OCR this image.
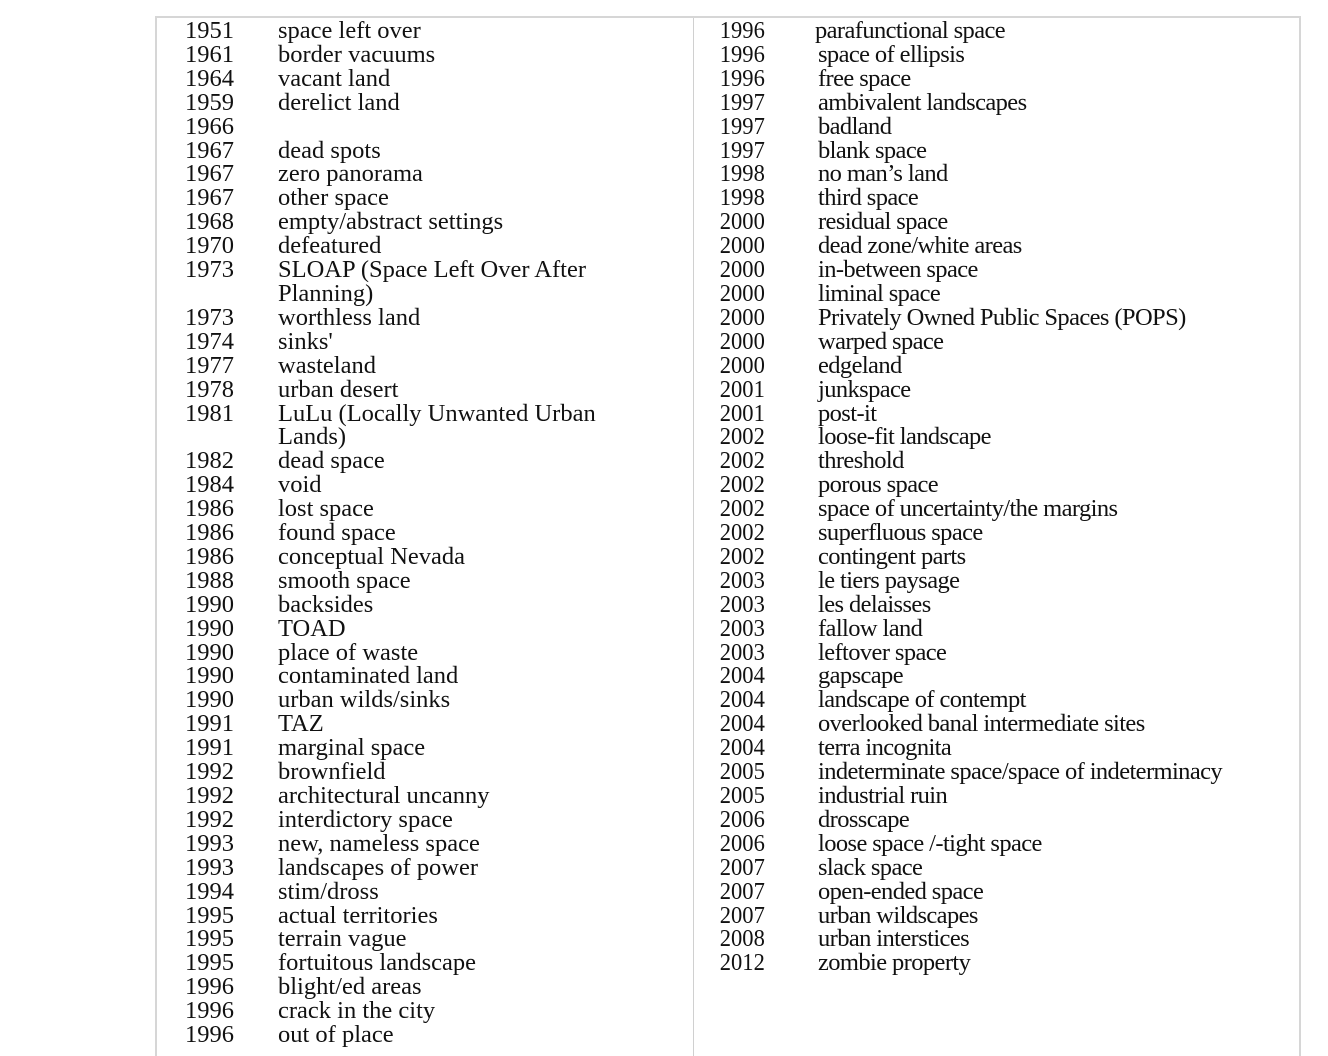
1951	space left over
1961	border vacuums
1964	vacant land
1959	derelict land
1966
1967	dead spots
1967	zero panorama
1967	other space
1968	empty/abstract settings
1970	defeatured
1973	SLOAP (Space Left Over After Planning)
1973	worthless land
1974	sinks'
1977	wasteland
1978	urban desert
1981	LuLu (Locally Unwanted Urban Lands)
1982	dead space
1984	void
1986	lost space
1986	found space
1986	conceptual Nevada
1988	smooth space
1990	backsides
1990	TOAD
1990	place of waste
1990	contaminated land
1990	urban wilds/sinks
1991	TAZ
1991	marginal space
1992	brownfield
1992	architectural uncanny
1992	interdictory space
1993	new, nameless space
1993	landscapes of power
1994	stim/dross
1995	actual territories
1995	terrain vague
1995	fortuitous landscape
1996	blight/ed areas
1996	crack in the city
1996	out of place
1996	parafunctional space
1996	space of ellipsis
1996	free space
1997	ambivalent landscapes
1997	badland
1997	blank space
1998	no man’s land
1998	third space
2000	residual space
2000	dead zone/white areas
2000	in-between space
2000	liminal space
2000	Privately Owned Public Spaces (POPS)
2000	warped space
2000	edgeland
2001	junkspace
2001	post-it
2002	loose-fit landscape
2002	threshold
2002	porous space
2002	space of uncertainty/the margins
2002	superfluous space
2002	contingent parts
2003	le tiers paysage
2003	les delaisses
2003	fallow land
2003	leftover space
2004	gapscape
2004	landscape of contempt
2004	overlooked banal intermediate sites
2004	terra incognita
2005	indeterminate space/space of indeterminacy
2005	industrial ruin
2006	drosscape
2006	loose space /-tight space
2007	slack space
2007	open-ended space
2007	urban wildscapes
2008	urban interstices
2012	zombie property
